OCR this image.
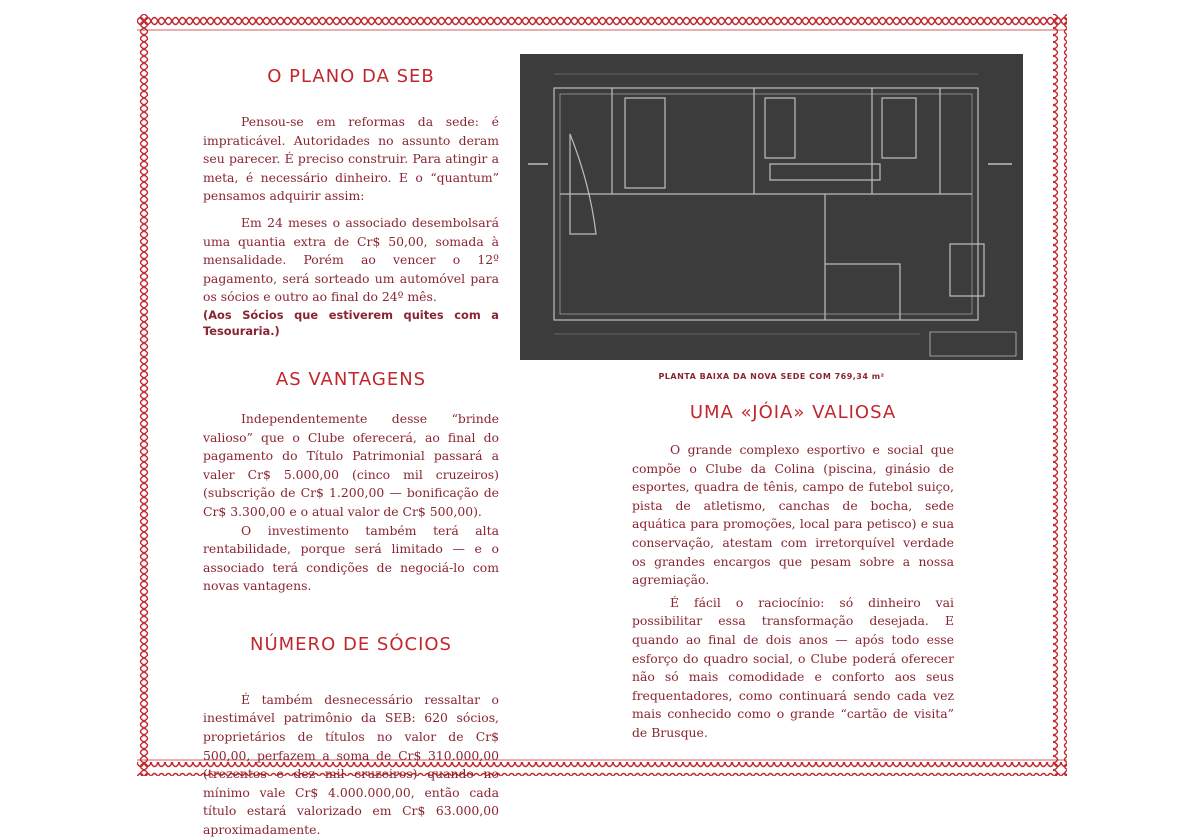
O PLANO DA SEB

Pensou-se em reformas da sede: é impraticável. Autoridades no assunto deram seu parecer. É preciso construir. Para atingir a meta, é necessário dinheiro. E o “quantum” pensamos adquirir assim:

Em 24 meses o associado desembolsará uma quantia extra de Cr$ 50,00, somada à mensalidade. Porém ao vencer o 12º pagamento, será sorteado um automóvel para os sócios e outro ao final do 24º mês.

(Aos Sócios que estiverem quites com a Tesouraria.)

AS VANTAGENS

Independentemente desse “brinde valioso” que o Clube oferecerá, ao final do pagamento do Título Patrimonial passará a valer Cr$ 5.000,00 (cinco mil cruzeiros) (subscrição de Cr$ 1.200,00 — bonificação de Cr$ 3.300,00 e o atual valor de Cr$ 500,00).

O investimento também terá alta rentabilidade, porque será limitado — e o associado terá condições de negociá-lo com novas vantagens.

NÚMERO DE SÓCIOS

É também desnecessário ressaltar o inestimável patrimônio da SEB: 620 sócios, proprietários de títulos no valor de Cr$ 500,00, perfazem a soma de Cr$ 310.000,00 (trezentos e dez mil cruzeiros) quando no mínimo vale Cr$ 4.000.000,00, então cada título estará valorizado em Cr$ 63.000,00 aproximadamente.

PLANTA BAIXA DA NOVA SEDE COM 769,34 m²
UMA «JÓIA» VALIOSA

O grande complexo esportivo e social que compõe o Clube da Colina (piscina, ginásio de esportes, quadra de tênis, campo de futebol suiço, pista de atletismo, canchas de bocha, sede aquática para promoções, local para petisco) e sua conservação, atestam com irretorquível verdade os grandes encargos que pesam sobre a nossa agremiação.

É fácil o raciocínio: só dinheiro vai possibilitar essa transformação desejada. E quando ao final de dois anos — após todo esse esforço do quadro social, o Clube poderá oferecer não só mais comodidade e conforto aos seus frequentadores, como continuará sendo cada vez mais conhecido como o grande “cartão de visita” de Brusque.
